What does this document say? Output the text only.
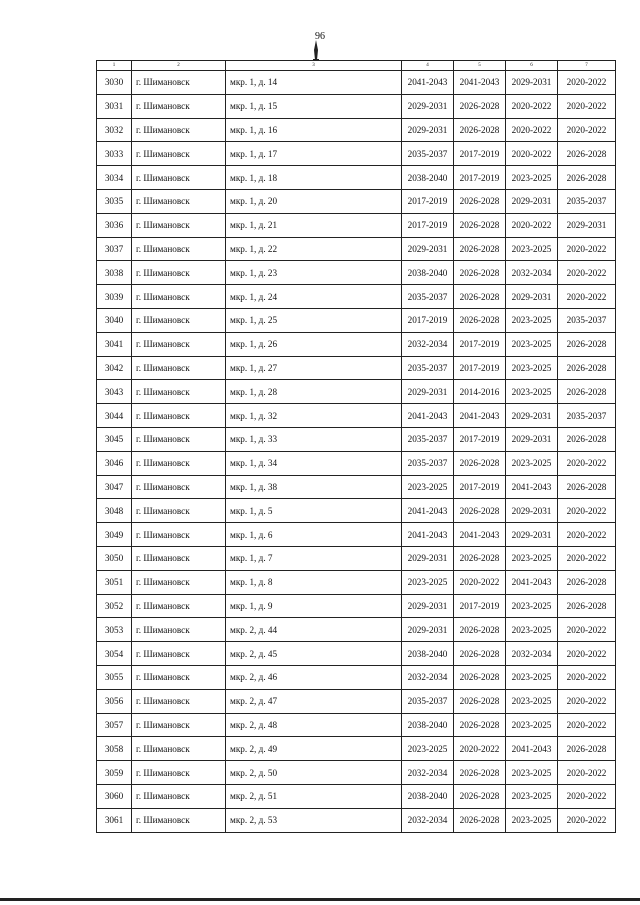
96
1	2	3	4	5	6	7
3030	г. Шимановск	мкр. 1, д. 14	2041-2043	2041-2043	2029-2031	2020-2022
3031	г. Шимановск	мкр. 1, д. 15	2029-2031	2026-2028	2020-2022	2020-2022
3032	г. Шимановск	мкр. 1, д. 16	2029-2031	2026-2028	2020-2022	2020-2022
3033	г. Шимановск	мкр. 1, д. 17	2035-2037	2017-2019	2020-2022	2026-2028
3034	г. Шимановск	мкр. 1, д. 18	2038-2040	2017-2019	2023-2025	2026-2028
3035	г. Шимановск	мкр. 1, д. 20	2017-2019	2026-2028	2029-2031	2035-2037
3036	г. Шимановск	мкр. 1, д. 21	2017-2019	2026-2028	2020-2022	2029-2031
3037	г. Шимановск	мкр. 1, д. 22	2029-2031	2026-2028	2023-2025	2020-2022
3038	г. Шимановск	мкр. 1, д. 23	2038-2040	2026-2028	2032-2034	2020-2022
3039	г. Шимановск	мкр. 1, д. 24	2035-2037	2026-2028	2029-2031	2020-2022
3040	г. Шимановск	мкр. 1, д. 25	2017-2019	2026-2028	2023-2025	2035-2037
3041	г. Шимановск	мкр. 1, д. 26	2032-2034	2017-2019	2023-2025	2026-2028
3042	г. Шимановск	мкр. 1, д. 27	2035-2037	2017-2019	2023-2025	2026-2028
3043	г. Шимановск	мкр. 1, д. 28	2029-2031	2014-2016	2023-2025	2026-2028
3044	г. Шимановск	мкр. 1, д. 32	2041-2043	2041-2043	2029-2031	2035-2037
3045	г. Шимановск	мкр. 1, д. 33	2035-2037	2017-2019	2029-2031	2026-2028
3046	г. Шимановск	мкр. 1, д. 34	2035-2037	2026-2028	2023-2025	2020-2022
3047	г. Шимановск	мкр. 1, д. 38	2023-2025	2017-2019	2041-2043	2026-2028
3048	г. Шимановск	мкр. 1, д. 5	2041-2043	2026-2028	2029-2031	2020-2022
3049	г. Шимановск	мкр. 1, д. 6	2041-2043	2041-2043	2029-2031	2020-2022
3050	г. Шимановск	мкр. 1, д. 7	2029-2031	2026-2028	2023-2025	2020-2022
3051	г. Шимановск	мкр. 1, д. 8	2023-2025	2020-2022	2041-2043	2026-2028
3052	г. Шимановск	мкр. 1, д. 9	2029-2031	2017-2019	2023-2025	2026-2028
3053	г. Шимановск	мкр. 2, д. 44	2029-2031	2026-2028	2023-2025	2020-2022
3054	г. Шимановск	мкр. 2, д. 45	2038-2040	2026-2028	2032-2034	2020-2022
3055	г. Шимановск	мкр. 2, д. 46	2032-2034	2026-2028	2023-2025	2020-2022
3056	г. Шимановск	мкр. 2, д. 47	2035-2037	2026-2028	2023-2025	2020-2022
3057	г. Шимановск	мкр. 2, д. 48	2038-2040	2026-2028	2023-2025	2020-2022
3058	г. Шимановск	мкр. 2, д. 49	2023-2025	2020-2022	2041-2043	2026-2028
3059	г. Шимановск	мкр. 2, д. 50	2032-2034	2026-2028	2023-2025	2020-2022
3060	г. Шимановск	мкр. 2, д. 51	2038-2040	2026-2028	2023-2025	2020-2022
3061	г. Шимановск	мкр. 2, д. 53	2032-2034	2026-2028	2023-2025	2020-2022
